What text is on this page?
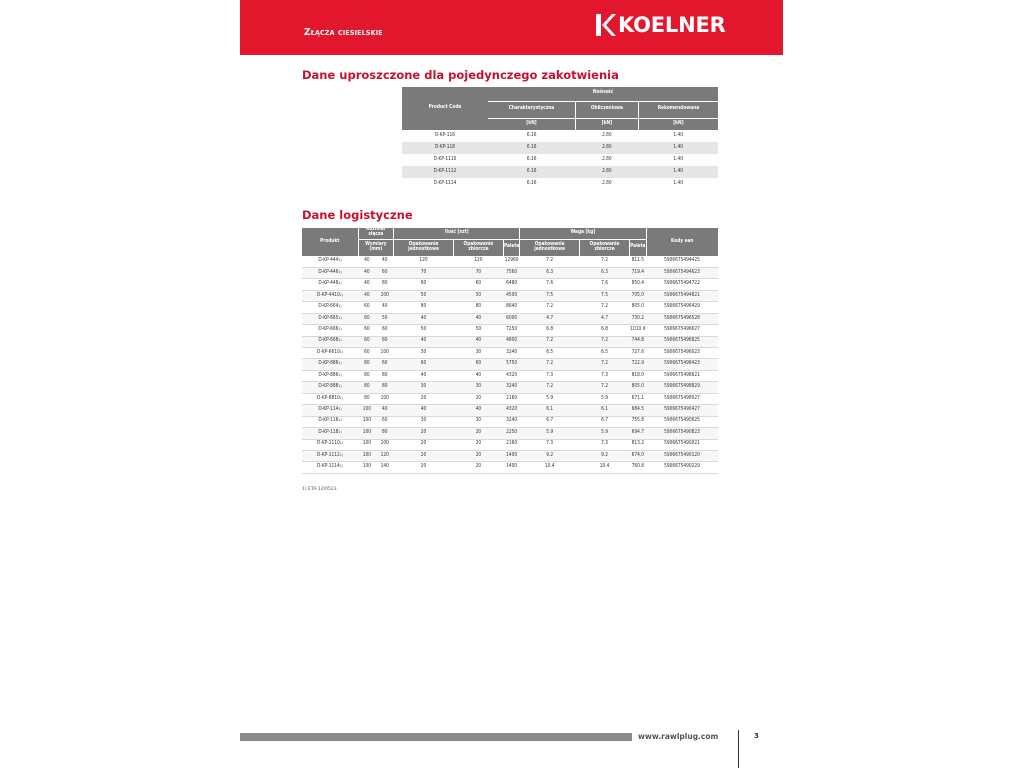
Złącza ciesielskie	KOELNER
Dane uproszczone dla pojedynczego zakotwienia
Product Code	Nośność		
	Charakterystyczna	Obliczeniowa	Rekomendowana
	[kN]	[kN]	[kN]
D-KP-116	6.16	2.80	1.40
D-KP-118	6.16	2.80	1.40
D-KP-1110	6.16	2.80	1.40
D-KP-1112	6.16	2.80	1.40
D-KP-1114	6.16	2.80	1.40
Dane logistyczne
Produkt	Rozmiar złącza		Ilość [szt]			Waga [kg]			Kody ean
	Wymiary (mm)		Opakowanie jednostkowe	Opakowanie zbiorcze	Paleta	Opakowanie jednostkowe	Opakowanie zbiorcze	Paleta	
D-KP-444$^{1)}$	40	40	120	120	12960	7.2	7.2	811.5	5906675494425
D-KP-446$^{1)}$	40	60	70	70	7560	6.3	6.3	719.4	5906675494623
D-KP-448$^{1)}$	40	80	60	60	6480	7.6	7.6	850.4	5906675494722
D-KP-4410$^{1)}$	40	100	50	50	4500	7.5	7.5	705.0	5906675494821
D-KP-664$^{1)}$	60	40	80	80	8640	7.2	7.2	805.0	5906675496429
D-KP-665$^{1)}$	60	50	40	40	6000	4.7	4.7	730.2	5906675496528
D-KP-666$^{1)}$	60	60	50	50	7250	6.8	6.8	1010.9	5906675496627
D-KP-668$^{1)}$	60	80	40	40	4800	7.2	7.2	744.8	5906675496825
D-KP-6610$^{1)}$	60	100	30	30	3240	6.5	6.5	727.6	5906675496023
D-KP-886$^{1)}$	80	60	60	60	5750	7.2	7.2	722.9	5906675498423
D-KP-886$^{1)}$	80	80	40	40	4320	7.3	7.3	818.0	5906675498621
D-KP-888$^{1)}$	80	80	30	30	3240	7.2	7.2	805.0	5906675498829
D-KP-8810$^{1)}$	80	100	20	20	2160	5.9	5.9	671.1	5906675498027
D-KP-114$^{1)}$	100	40	40	40	4320	6.1	6.1	684.5	5906675490427
D-KP-116$^{1)}$	100	60	30	30	3240	6.7	6.7	755.8	5906675490625
D-KP-118$^{1)}$	100	80	20	20	2250	5.9	5.9	694.7	5906675490823
D-KP-1110$^{1)}$	100	100	20	20	2160	7.3	7.3	813.2	5906675490021
D-KP-1112$^{1)}$	100	120	20	20	1400	9.2	9.2	674.0	5906675490120
D-KP-1114$^{1)}$	100	140	20	20	1400	10.4	10.4	760.8	5906675490229
1) ETA-12/0523
www.rawlplug.com	3
